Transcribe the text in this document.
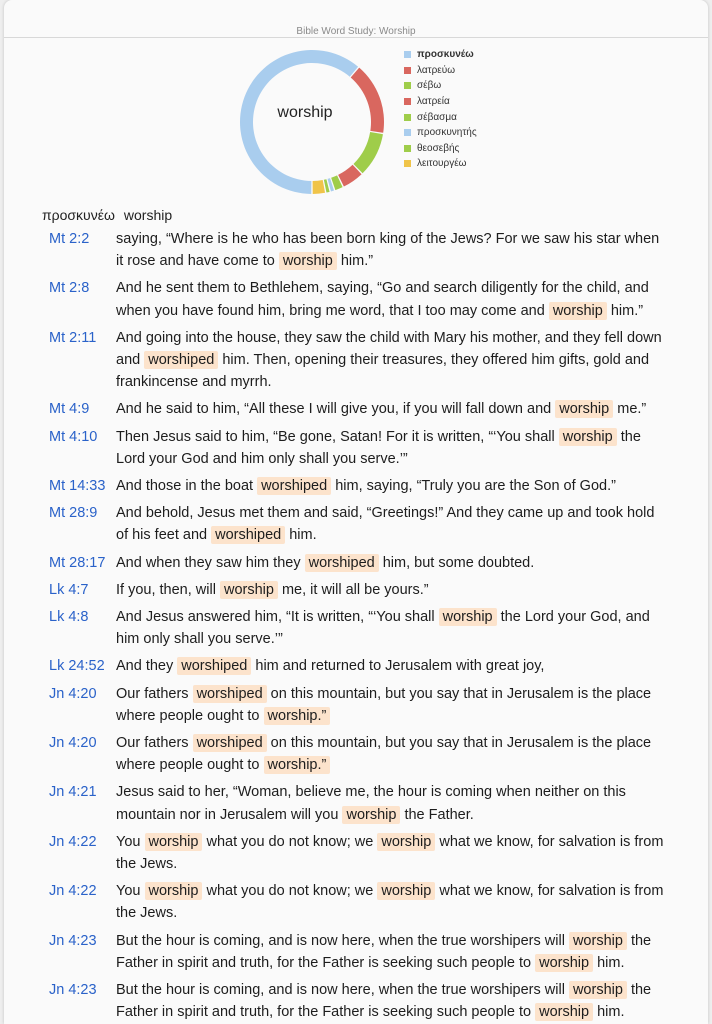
Bible Word Study: Worship
worship
προσκυνέω
λατρεύω
σέβω
λατρεία
σέβασμα
προσκυνητής
θεοσεβής
λειτουργέω
προσκυνέω worship
Mt 2:2	saying, “Where is he who has been born king of the Jews? For we saw his star when it rose and have come to worship him.”
Mt 2:8	And he sent them to Bethlehem, saying, “Go and search diligently for the child, and when you have found him, bring me word, that I too may come and worship him.”
Mt 2:11	And going into the house, they saw the child with Mary his mother, and they fell down and worshiped him. Then, opening their treasures, they offered him gifts, gold and frankincense and myrrh.
Mt 4:9	And he said to him, “All these I will give you, if you will fall down and worship me.”
Mt 4:10	Then Jesus said to him, “Be gone, Satan! For it is written, “‘You shall worship the Lord your God and him only shall you serve.’”
Mt 14:33 And those in the boat worshiped him, saying, “Truly you are the Son of God.”
Mt 28:9	And behold, Jesus met them and said, “Greetings!” And they came up and took hold of his feet and worshiped him.
Mt 28:17 And when they saw him they worshiped him, but some doubted.
Lk 4:7	If you, then, will worship me, it will all be yours.”
Lk 4:8	And Jesus answered him, “It is written, “‘You shall worship the Lord your God, and him only shall you serve.’”
Lk 24:52 And they worshiped him and returned to Jerusalem with great joy,
Jn 4:20	Our fathers worshiped on this mountain, but you say that in Jerusalem is the place where people ought to worship.”
Jn 4:20	Our fathers worshiped on this mountain, but you say that in Jerusalem is the place where people ought to worship.”
Jn 4:21	Jesus said to her, “Woman, believe me, the hour is coming when neither on this mountain nor in Jerusalem will you worship the Father.
Jn 4:22	You worship what you do not know; we worship what we know, for salvation is from the Jews.
Jn 4:22	You worship what you do not know; we worship what we know, for salvation is from the Jews.
Jn 4:23	But the hour is coming, and is now here, when the true worshipers will worship the Father in spirit and truth, for the Father is seeking such people to worship him.
Jn 4:23	But the hour is coming, and is now here, when the true worshipers will worship the Father in spirit and truth, for the Father is seeking such people to worship him.
